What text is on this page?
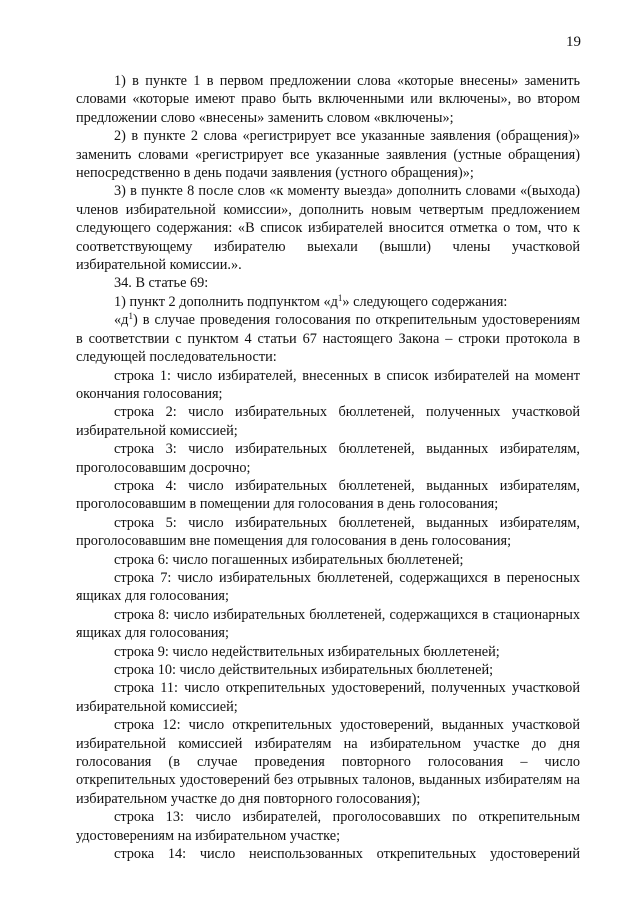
19

1) в пункте 1 в первом предложении слова «которые внесены» заменить словами «которые имеют право быть включенными или включены», во втором предложении слово «внесены» заменить словом «включены»;

2) в пункте 2 слова «регистрирует все указанные заявления (обращения)» заменить словами «регистрирует все указанные заявления (устные обращения) непосредственно в день подачи заявления (устного обращения)»;

3) в пункте 8 после слов «к моменту выезда» дополнить словами «(выхода) членов избирательной комиссии», дополнить новым четвертым предложением следующего содержания: «В список избирателей вносится отметка о том, что к соответствующему избирателю выехали (вышли) члены участковой избирательной комиссии.».

34. В статье 69:

1) пункт 2 дополнить подпунктом «$д^1$» следующего содержания:

«$д^1$) в случае проведения голосования по открепительным удостоверениям в соответствии с пунктом 4 статьи 67 настоящего Закона – строки протокола в следующей последовательности:

строка 1: число избирателей, внесенных в список избирателей на момент окончания голосования;

строка 2: число избирательных бюллетеней, полученных участковой избирательной комиссией;

строка 3: число избирательных бюллетеней, выданных избирателям, проголосовавшим досрочно;

строка 4: число избирательных бюллетеней, выданных избирателям, проголосовавшим в помещении для голосования в день голосования;

строка 5: число избирательных бюллетеней, выданных избирателям, проголосовавшим вне помещения для голосования в день голосования;

строка 6: число погашенных избирательных бюллетеней;

строка 7: число избирательных бюллетеней, содержащихся в переносных ящиках для голосования;

строка 8: число избирательных бюллетеней, содержащихся в стационарных ящиках для голосования;

строка 9: число недействительных избирательных бюллетеней;

строка 10: число действительных избирательных бюллетеней;

строка 11: число открепительных удостоверений, полученных участковой избирательной комиссией;

строка 12: число открепительных удостоверений, выданных участковой избирательной комиссией избирателям на избирательном участке до дня голосования (в случае проведения повторного голосования – число открепительных удостоверений без отрывных талонов, выданных избирателям на избирательном участке до дня повторного голосования);

строка 13: число избирателей, проголосовавших по открепительным удостоверениям на избирательном участке;

строка 14: число неиспользованных открепительных удостоверений
